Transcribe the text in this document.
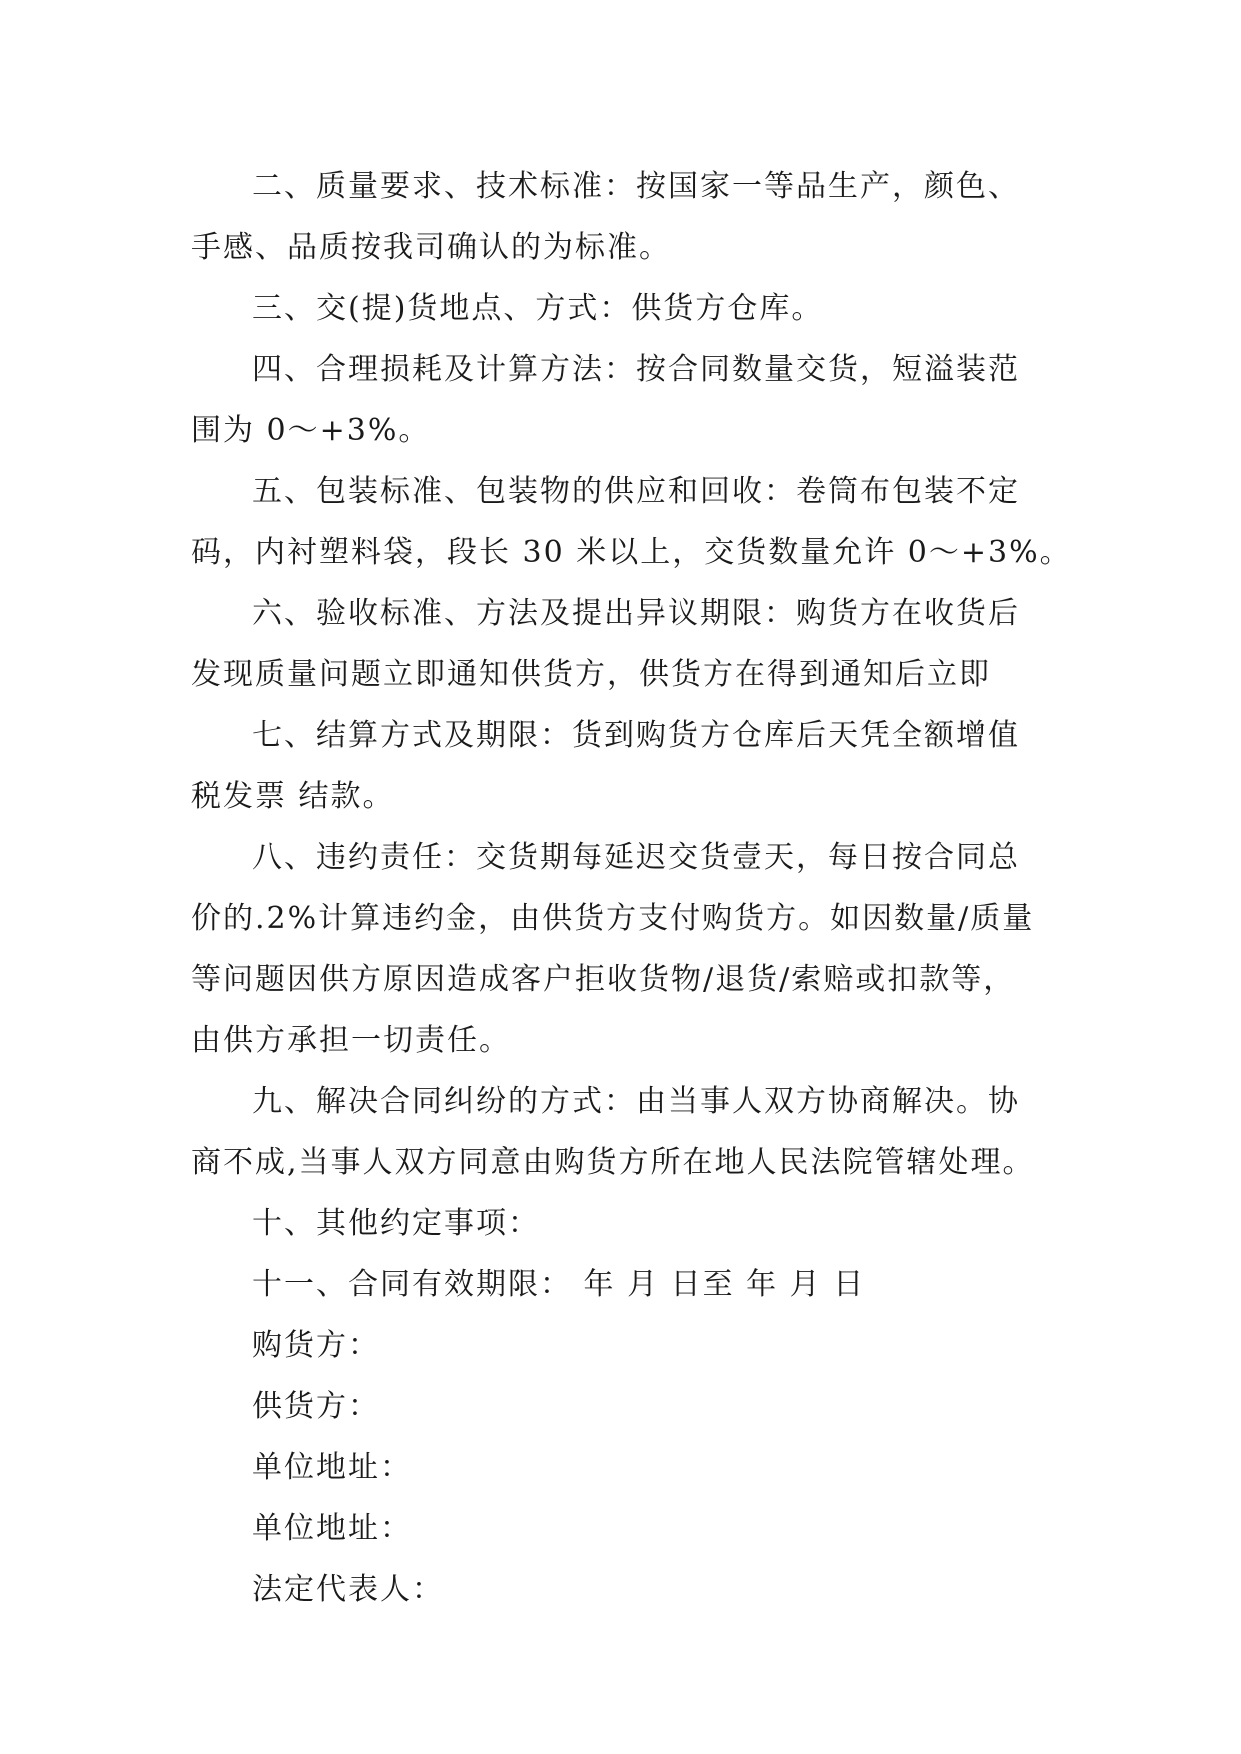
二、质量要求、技术标准：按国家一等品生产，颜色、
手感、品质按我司确认的为标准。
三、交(提)货地点、方式：供货方仓库。
四、合理损耗及计算方法：按合同数量交货，短溢装范
围为 0～+3%。
五、包装标准、包装物的供应和回收：卷筒布包装不定
码，内衬塑料袋，段长 30 米以上，交货数量允许 0～+3%。
六、验收标准、方法及提出异议期限：购货方在收货后
发现质量问题立即通知供货方，供货方在得到通知后立即
七、结算方式及期限：货到购货方仓库后天凭全额增值
税发票 结款。
八、违约责任：交货期每延迟交货壹天，每日按合同总
价的.2%计算违约金，由供货方支付购货方。如因数量/质量
等问题因供方原因造成客户拒收货物/退货/索赔或扣款等，
由供方承担一切责任。
九、解决合同纠纷的方式：由当事人双方协商解决。协
商不成,当事人双方同意由购货方所在地人民法院管辖处理。
十、其他约定事项：
十一、合同有效期限： 年 月 日至 年 月 日
购货方：
供货方：
单位地址：
单位地址：
法定代表人：
